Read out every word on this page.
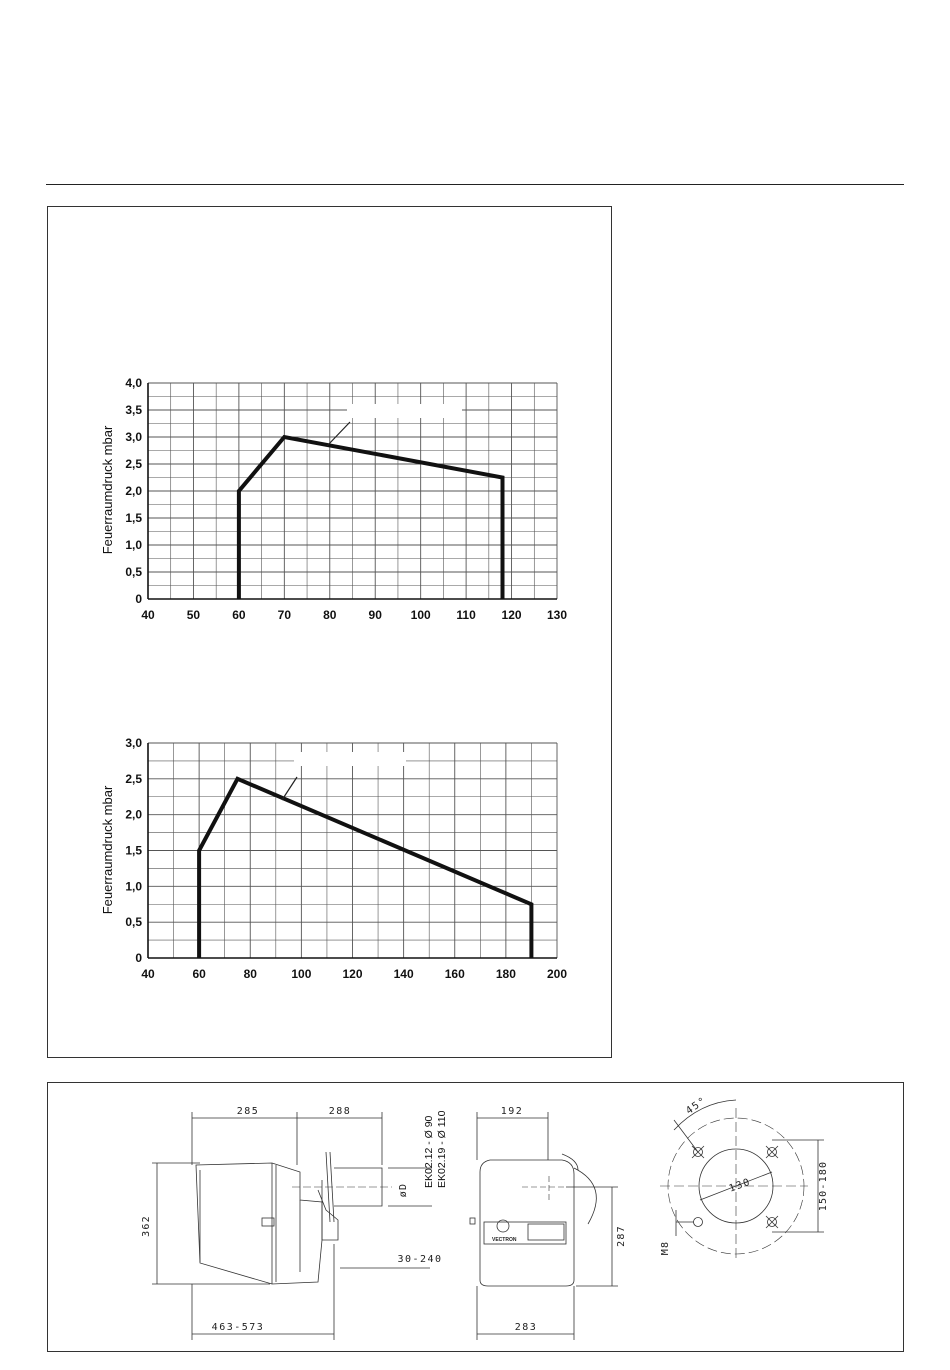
40	50	60	70	80	90 100 110 120 130
0
0,5
1,0
1,5
2,0
2,5
3,0
3,5
4,0
Feuerraumdruck mbar
40	60	80	100	120	140	160	180	200
0
0,5
1,0
1,5
2,0
2,5
3,0
Feuerraumdruck mbar
285	288
362
463-573
30-240
øD
EK02.12 - Ø 90 EK02.19 - Ø 110
VECTRON
192
287
283
130
45°
150-180
M8
